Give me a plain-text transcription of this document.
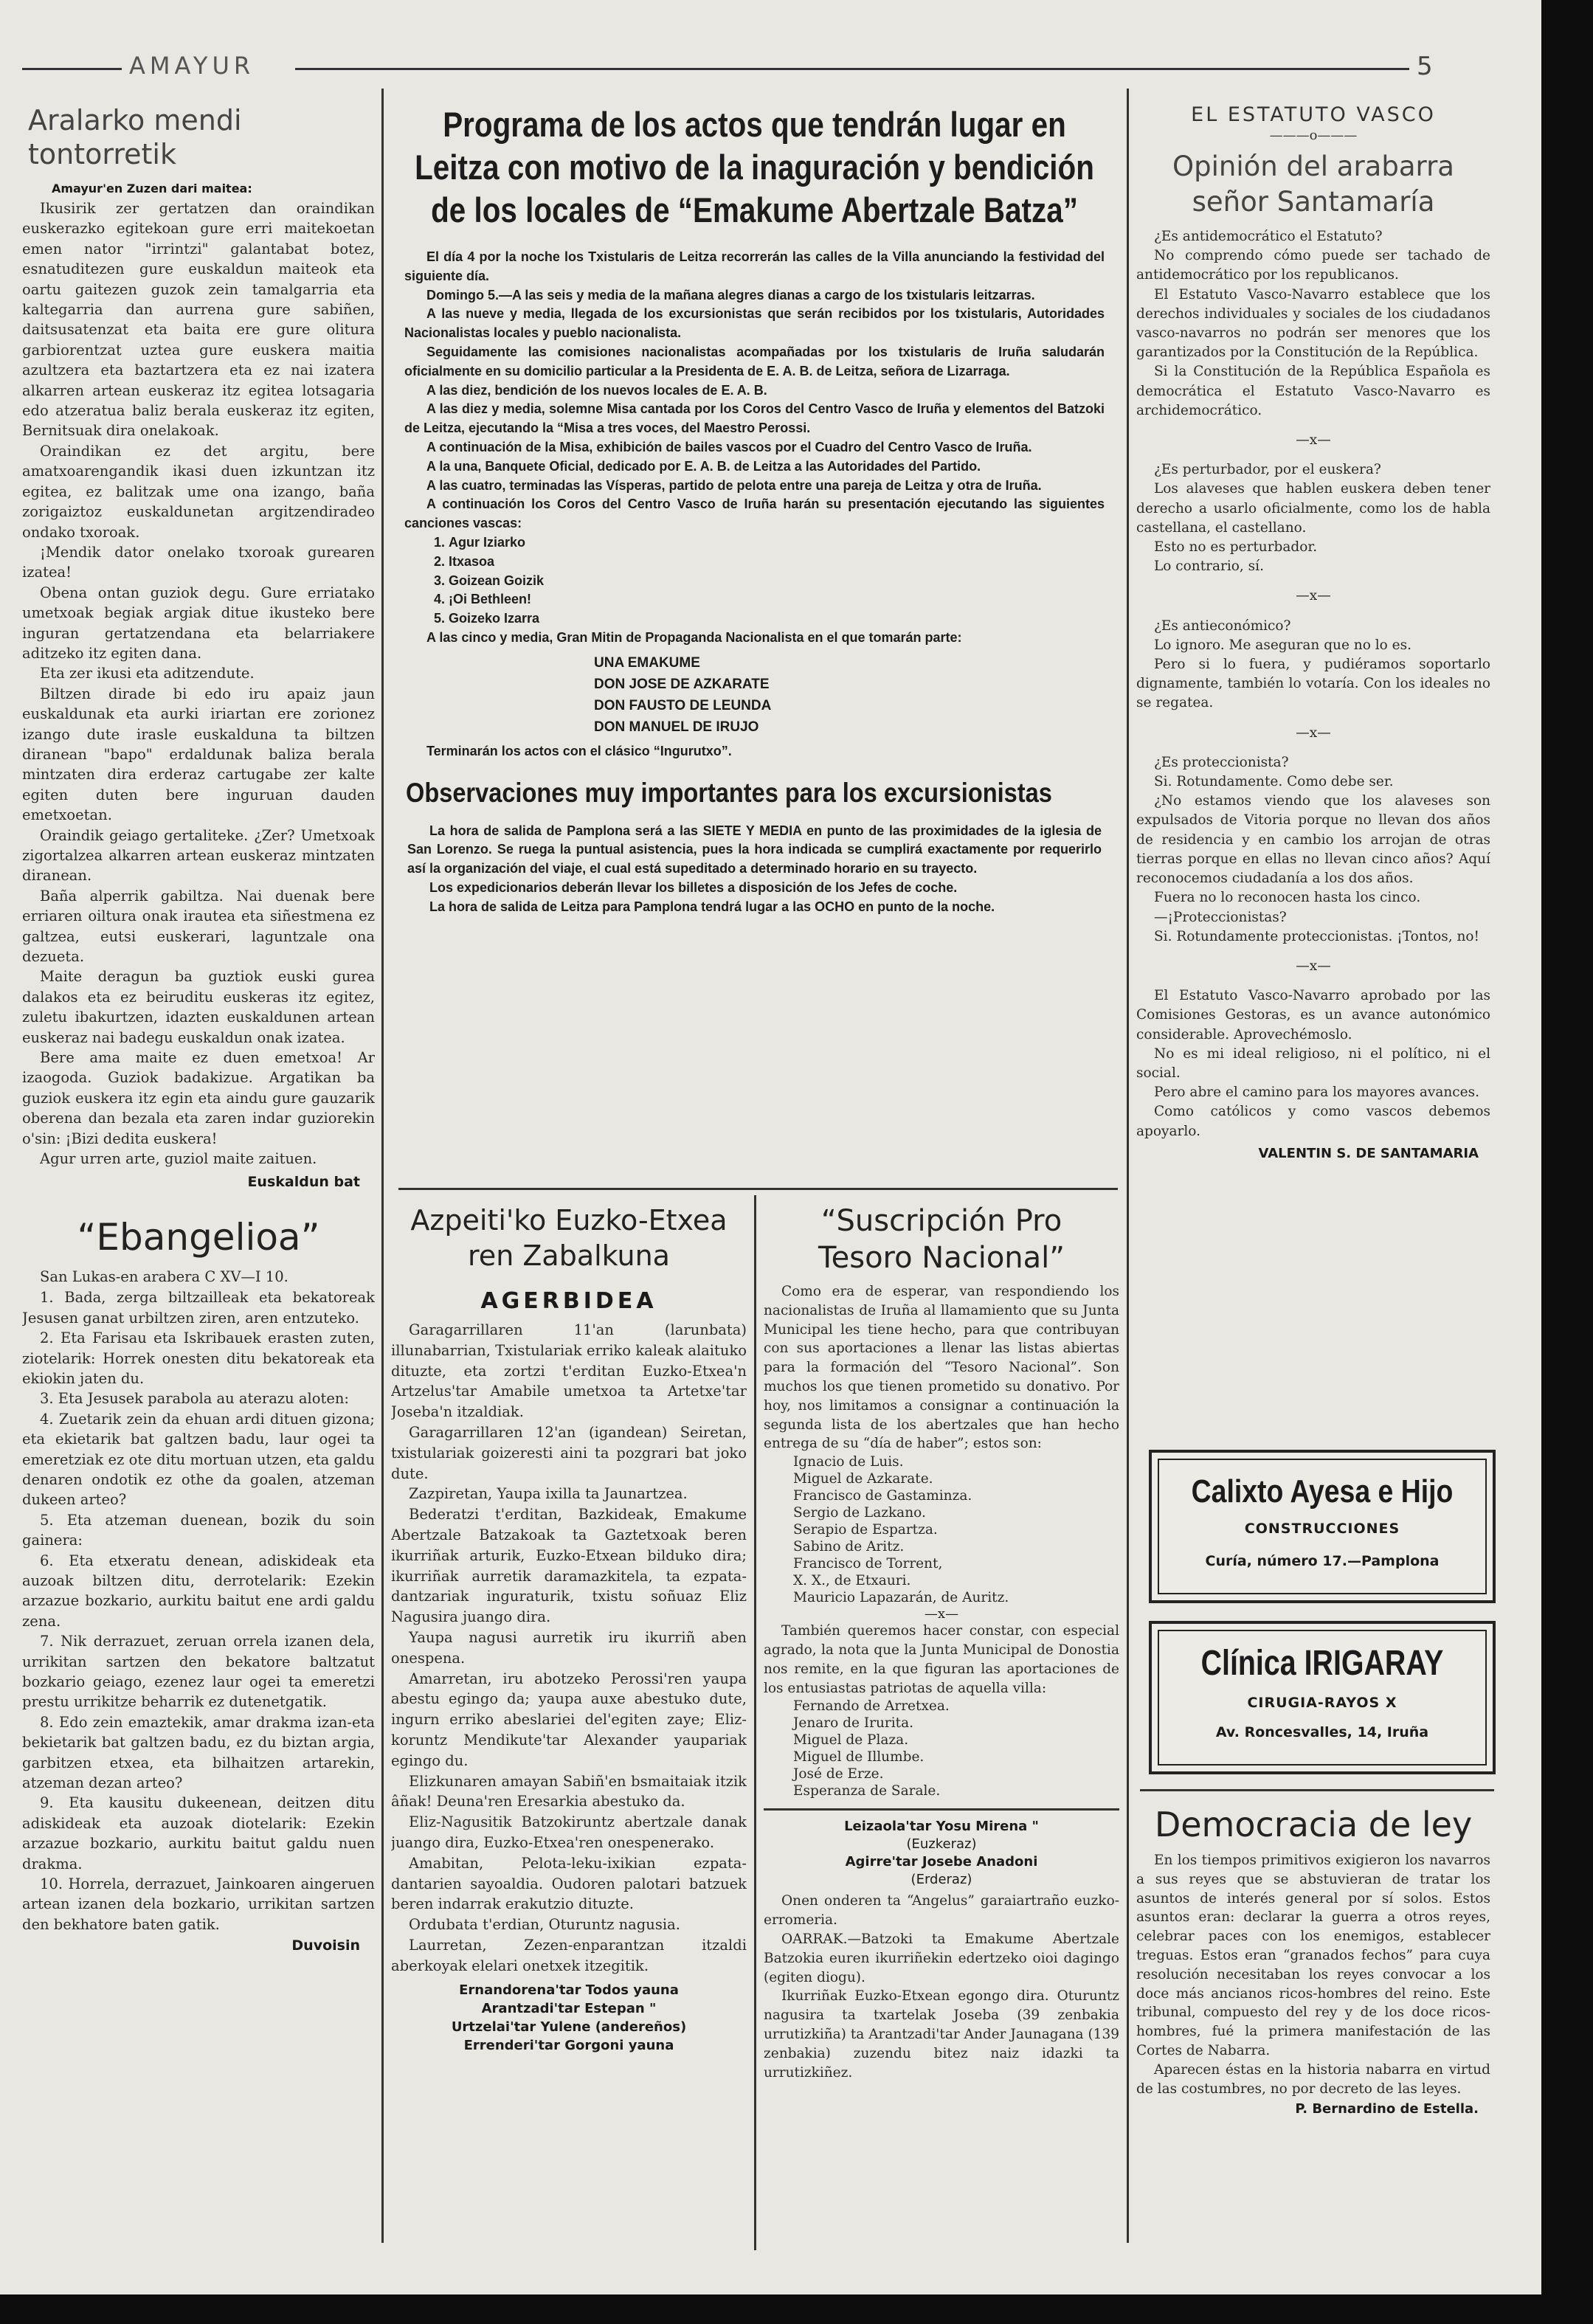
AMAYUR	5
Aralarko mendi
tontorretik
Amayur'en Zuzen dari maitea:

Ikusirik zer gertatzen dan oraindikan euskerazko egitekoan gure erri maitekoetan emen nator "irrintzi" galantabat botez, esnatuditezen gure euskaldun maiteok eta oartu gaitezen guzok zein tamalgarria eta kaltegarria dan aurrena gure sabiñen, daitsusatenzat eta baita ere gure olitura garbiorentzat uztea gure euskera maitia azultzera eta baztartzera eta ez nai izatera alkarren artean euskeraz itz egitea lotsagaria edo atzeratua baliz berala euskeraz itz egiten, Bernitsuak dira onelakoak.

Oraindikan ez det argitu, bere amatxoarengandik ikasi duen izkuntzan itz egitea, ez balitzak ume ona izango, baña zorigaiztoz euskaldunetan argitzendiradeo ondako txoroak.

¡Mendik dator onelako txoroak gurearen izatea!

Obena ontan guziok degu. Gure erriatako umetxoak begiak argiak ditue ikusteko bere inguran gertatzendana eta belarriakere aditzeko itz egiten dana.

Eta zer ikusi eta aditzendute.

Biltzen dirade bi edo iru apaiz jaun euskaldunak eta aurki iriartan ere zorionez izango dute irasle euskalduna ta biltzen diranean "bapo" erdaldunak baliza berala mintzaten dira erderaz cartugabe zer kalte egiten duten bere inguruan dauden emetxoetan.

Oraindik geiago gertaliteke. ¿Zer? Umetxoak zigortalzea alkarren artean euskeraz mintzaten diranean.

Baña alperrik gabiltza. Nai duenak bere erriaren oiltura onak irautea eta siñestmena ez galtzea, eutsi euskerari, laguntzale ona dezueta.

Maite deragun ba guztiok euski gurea dalakos eta ez beiruditu euskeras itz egitez, zuletu ibakurtzen, idazten euskaldunen artean euskeraz nai badegu euskaldun onak izatea.

Bere ama maite ez duen emetxoa! Ar izaogoda. Guziok badakizue. Argatikan ba guziok euskera itz egin eta aindu gure gauzarik oberena dan bezala eta zaren indar guziorekin o'sin: ¡Bizi dedita euskera!

Agur urren arte, guziol maite zaituen.

Euskaldun bat
“Ebangelioa”
San Lukas-en arabera C XV—I 10.

1. Bada, zerga biltzailleak eta bekatoreak Jesusen ganat urbiltzen ziren, aren entzuteko.

2. Eta Farisau eta Iskribauek erasten zuten, ziotelarik: Horrek onesten ditu bekatoreak eta ekiokin jaten du.

3. Eta Jesusek parabola au aterazu aloten:

4. Zuetarik zein da ehuan ardi dituen gizona; eta ekietarik bat galtzen badu, laur ogei ta emeretziak ez ote ditu mortuan utzen, eta galdu denaren ondotik ez othe da goalen, atzeman dukeen arteo?

5. Eta atzeman duenean, bozik du soin gainera:

6. Eta etxeratu denean, adiskideak eta auzoak biltzen ditu, derrotelarik: Ezekin arzazue bozkario, aurkitu baitut ene ardi galdu zena.

7. Nik derrazuet, zeruan orrela izanen dela, urrikitan sartzen den bekatore baltzatut bozkario geiago, ezenez laur ogei ta emeretzi prestu urrikitze beharrik ez dutenetgatik.

8. Edo zein emaztekik, amar drakma izan-eta bekietarik bat galtzen badu, ez du biztan argia, garbitzen etxea, eta bilhaitzen artarekin, atzeman dezan arteo?

9. Eta kausitu dukeenean, deitzen ditu adiskideak eta auzoak diotelarik: Ezekin arzazue bozkario, aurkitu baitut galdu nuen drakma.

10. Horrela, derrazuet, Jainkoaren aingeruen artean izanen dela bozkario, urrikitan sartzen den bekhatore baten gatik.

Duvoisin
Programa de los actos que tendrán lugar en Leitza con motivo de la inaguración y bendición de los locales de “Emakume Abertzale Batza”

El día 4 por la noche los Txistularis de Leitza recorrerán las calles de la Villa anunciando la festividad del siguiente día.

Domingo 5.—A las seis y media de la mañana alegres dianas a cargo de los txistularis leitzarras.

A las nueve y media, llegada de los excursionistas que serán recibidos por los txistularis, Autoridades Nacionalistas locales y pueblo nacionalista.

Seguidamente las comisiones nacionalistas acompañadas por los txistularis de Iruña saludarán oficialmente en su domicilio particular a la Presidenta de E. A. B. de Leitza, señora de Lizarraga.

A las diez, bendición de los nuevos locales de E. A. B.

A las diez y media, solemne Misa cantada por los Coros del Centro Vasco de Iruña y elementos del Batzoki de Leitza, ejecutando la “Misa a tres voces, del Maestro Perossi.

A continuación de la Misa, exhibición de bailes vascos por el Cuadro del Centro Vasco de Iruña.

A la una, Banquete Oficial, dedicado por E. A. B. de Leitza a las Autoridades del Partido.

A las cuatro, terminadas las Vísperas, partido de pelota entre una pareja de Leitza y otra de Iruña.

A continuación los Coros del Centro Vasco de Iruña harán su presentación ejecutando las siguientes canciones vascas:

1. Agur Iziarko
2. Itxasoa
3. Goizean Goizik
4. ¡Oi Bethleen!
5. Goizeko Izarra

A las cinco y media, Gran Mitin de Propaganda Nacionalista en el que tomarán parte:

UNA EMAKUME
DON JOSE DE AZKARATE
DON FAUSTO DE LEUNDA
DON MANUEL DE IRUJO

Terminarán los actos con el clásico “Ingurutxo”.

Observaciones muy importantes para los excursionistas

La hora de salida de Pamplona será a las SIETE Y MEDIA en punto de las proximidades de la iglesia de San Lorenzo. Se ruega la puntual asistencia, pues la hora indicada se cumplirá exactamente por requerirlo así la organización del viaje, el cual está supeditado a determinado horario en su trayecto.

Los expedicionarios deberán llevar los billetes a disposición de los Jefes de coche.

La hora de salida de Leitza para Pamplona tendrá lugar a las OCHO en punto de la noche.

Azpeiti'ko Euzko-Etxea
ren Zabalkuna
AGERBIDEA

Garagarrillaren 11'an (larunbata) illunabarrian, Txistulariak erriko kaleak alaituko dituzte, eta zortzi t'erditan Euzko-Etxea'n Artzelus'tar Amabile umetxoa ta Artetxe'tar Joseba'n itzaldiak.

Garagarrillaren 12'an (igandean) Seiretan, txistulariak goizeresti aini ta pozgrari bat joko dute.

Zazpiretan, Yaupa ixilla ta Jaunartzea.

Bederatzi t'erditan, Bazkideak, Emakume Abertzale Batzakoak ta Gaztetxoak beren ikurriñak arturik, Euzko-Etxean bilduko dira; ikurriñak aurretik daramazkitela, ta ezpata-dantzariak inguraturik, txistu soñuaz Eliz Nagusira juango dira.

Yaupa nagusi aurretik iru ikurriñ aben onespena.

Amarretan, iru abotzeko Perossi'ren yaupa abestu egingo da; yaupa auxe abestuko dute, ingurn erriko abeslariei del'egiten zaye; Eliz-koruntz Mendikute'tar Alexander yaupariak egingo du.

Elizkunaren amayan Sabiñ'en bsmaitaiak itzik âñak! Deuna'ren Eresarkia abestuko da.

Eliz-Nagusitik Batzokiruntz abertzale danak juango dira, Euzko-Etxea'ren onespenerako.

Amabitan, Pelota-leku-ixikian ezpata-dantarien sayoaldia. Oudoren palotari batzuek beren indarrak erakutzio dituzte.

Ordubata t'erdian, Oturuntz nagusia.

Laurretan, Zezen-enparantzan itzaldi aberkoyak elelari onetxek itzegitik.

Ernandorena'tar Todos yauna
Arantzadi'tar Estepan "
Urtzelai'tar Yulene (andereños)
Errenderi'tar Gorgoni yauna
“Suscripción Pro
Tesoro Nacional”

Como era de esperar, van respondiendo los nacionalistas de Iruña al llamamiento que su Junta Municipal les tiene hecho, para que contribuyan con sus aportaciones a llenar las listas abiertas para la formación del “Tesoro Nacional”. Son muchos los que tienen prometido su donativo. Por hoy, nos limitamos a consignar a continuación la segunda lista de los abertzales que han hecho entrega de su “día de haber”; estos son:

Ignacio de Luis.
Miguel de Azkarate.
Francisco de Gastaminza.
Sergio de Lazkano.
Serapio de Espartza.
Sabino de Aritz.
Francisco de Torrent,
X. X., de Etxauri.
Mauricio Lapazarán, de Auritz.
—x—

También queremos hacer constar, con especial agrado, la nota que la Junta Municipal de Donostia nos remite, en la que figuran las aportaciones de los entusiastas patriotas de aquella villa:

Fernando de Arretxea.
Jenaro de Irurita.
Miguel de Plaza.
Miguel de Illumbe.
José de Erze.
Esperanza de Sarale.
Leizaola'tar Yosu Mirena "
(Euzkeraz)
Agirre'tar Josebe Anadoni
(Erderaz)

Onen onderen ta “Angelus” garaiartraño euzko-erromeria.

OARRAK.—Batzoki ta Emakume Abertzale Batzokia euren ikurriñekin edertzeko oioi dagingo (egiten diogu).

Ikurriñak Euzko-Etxean egongo dira. Oturuntz nagusira ta txartelak Joseba (39 zenbakia urrutizkiña) ta Arantzadi'tar Ander Jaunagana (139 zenbakia) zuzendu bitez naiz idazki ta urrutizkiñez.

EL ESTATUTO VASCO
———o———
Opinión del arabarra
señor Santamaría

¿Es antidemocrático el Estatuto?

No comprendo cómo puede ser tachado de antidemocrático por los republicanos.

El Estatuto Vasco-Navarro establece que los derechos individuales y sociales de los ciudadanos vasco-navarros no podrán ser menores que los garantizados por la Constitución de la República.

Si la Constitución de la República Española es democrática el Estatuto Vasco-Navarro es archidemocrático.

—x—

¿Es perturbador, por el euskera?

Los alaveses que hablen euskera deben tener derecho a usarlo oficialmente, como los de habla castellana, el castellano.

Esto no es perturbador.

Lo contrario, sí.

—x—

¿Es antieconómico?

Lo ignoro. Me aseguran que no lo es.

Pero si lo fuera, y pudiéramos soportarlo dignamente, también lo votaría. Con los ideales no se regatea.

—x—

¿Es proteccionista?

Si. Rotundamente. Como debe ser.

¿No estamos viendo que los alaveses son expulsados de Vitoria porque no llevan dos años de residencia y en cambio los arrojan de otras tierras porque en ellas no llevan cinco años? Aquí reconocemos ciudadanía a los dos años.

Fuera no lo reconocen hasta los cinco.

—¡Proteccionistas?

Si. Rotundamente proteccionistas. ¡Tontos, no!

—x—

El Estatuto Vasco-Navarro aprobado por las Comisiones Gestoras, es un avance autonómico considerable. Aprovechémoslo.

No es mi ideal religioso, ni el político, ni el social.

Pero abre el camino para los mayores avances.

Como católicos y como vascos debemos apoyarlo.

VALENTIN S. DE SANTAMARIA
Calixto Ayesa e Hijo
CONSTRUCCIONES
Curía, número 17.—Pamplona
Clínica IRIGARAY
CIRUGIA-RAYOS X
Av. Roncesvalles, 14, Iruña
Democracia de ley

En los tiempos primitivos exigieron los navarros a sus reyes que se abstuvieran de tratar los asuntos de interés general por sí solos. Estos asuntos eran: declarar la guerra a otros reyes, celebrar paces con los enemigos, establecer treguas. Estos eran “granados fechos” para cuya resolución necesitaban los reyes convocar a los doce más ancianos ricos-hombres del reino. Este tribunal, compuesto del rey y de los doce ricos-hombres, fué la primera manifestación de las Cortes de Nabarra.

Aparecen éstas en la historia nabarra en virtud de las costumbres, no por decreto de las leyes.

P. Bernardino de Estella.
